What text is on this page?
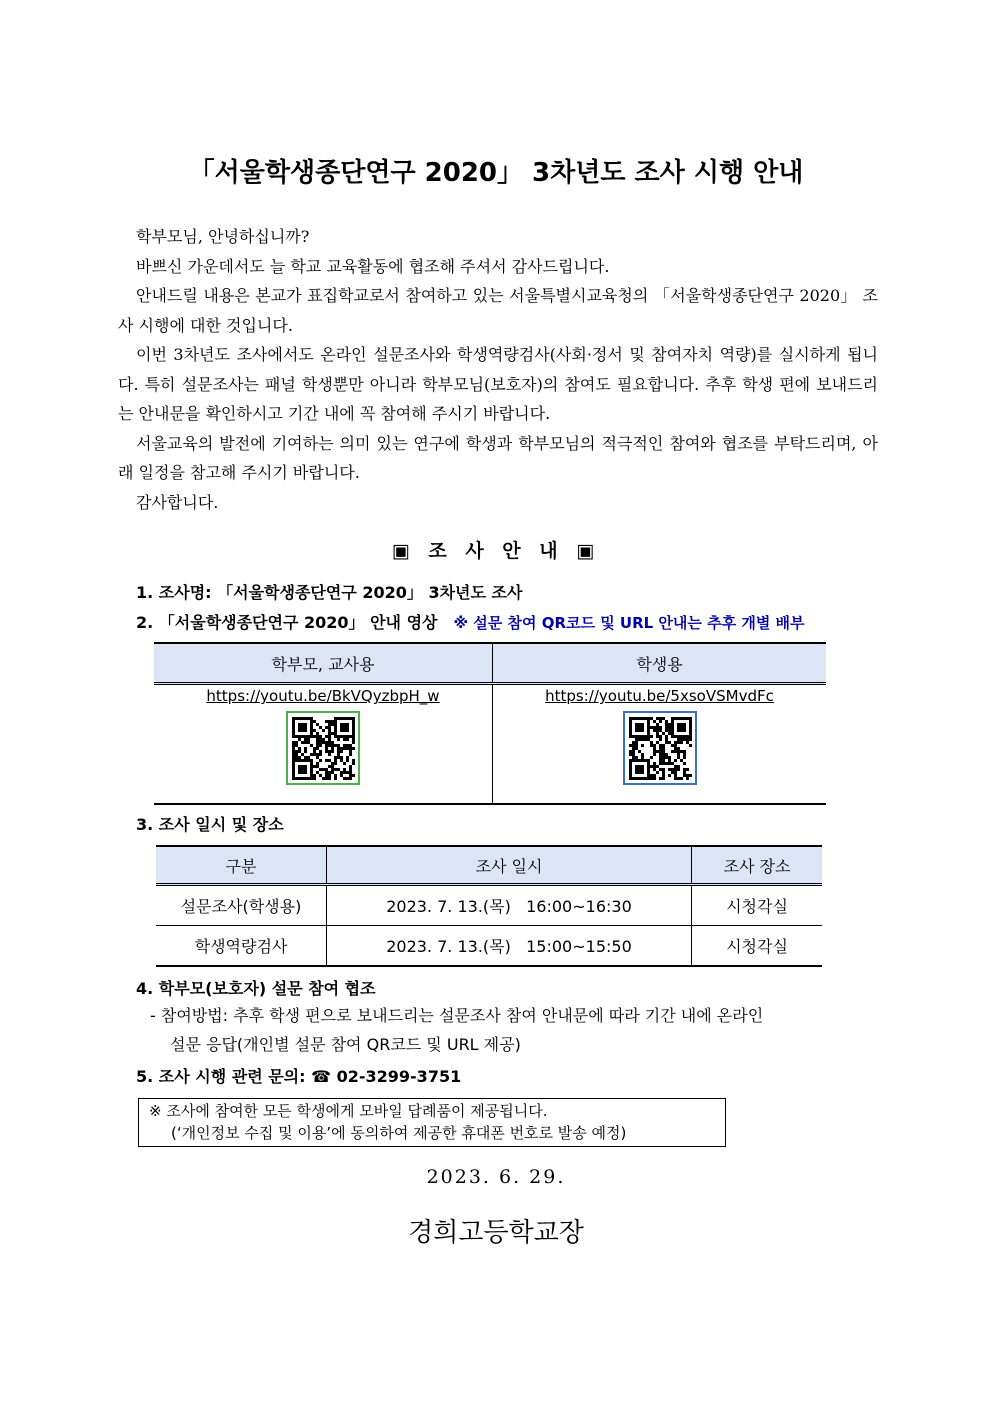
「서울학생종단연구 2020」 3차년도 조사 시행 안내

학부모님, 안녕하십니까?

바쁘신 가운데서도 늘 학교 교육활동에 협조해 주셔서 감사드립니다.

안내드릴 내용은 본교가 표집학교로서 참여하고 있는 서울특별시교육청의 「서울학생종단연구 2020」 조사 시행에 대한 것입니다.

이번 3차년도 조사에서도 온라인 설문조사와 학생역량검사(사회·정서 및 참여자치 역량)를 실시하게 됩니다. 특히 설문조사는 패널 학생뿐만 아니라 학부모님(보호자)의 참여도 필요합니다. 추후 학생 편에 보내드리는 안내문을 확인하시고 기간 내에 꼭 참여해 주시기 바랍니다.

서울교육의 발전에 기여하는 의미 있는 연구에 학생과 학부모님의 적극적인 참여와 협조를 부탁드리며, 아래 일정을 참고해 주시기 바랍니다.

감사합니다.

▣ 조 사 안 내 ▣
1. 조사명: 「서울학생종단연구 2020」 3차년도 조사
2. 「서울학생종단연구 2020」 안내 영상 ※ 설문 참여 QR코드 및 URL 안내는 추후 개별 배부
학부모, 교사용	학생용

https://youtu.be/BkVQyzbpH_w	https://youtu.be/5xsoVSMvdFc
3. 조사 일시 및 장소
구분	조사 일시	조사 장소
설문조사(학생용)	2023. 7. 13.(목)   16:00~16:30	시청각실
학생역량검사	2023. 7. 13.(목)   15:00~15:50	시청각실
4. 학부모(보호자) 설문 참여 협조
- 참여방법: 추후 학생 편으로 보내드리는 설문조사 참여 안내문에 따라 기간 내에 온라인
설문 응답(개인별 설문 참여 QR코드 및 URL 제공)
5. 조사 시행 관련 문의: ☎ 02-3299-3751
※ 조사에 참여한 모든 학생에게 모바일 답례품이 제공됩니다.
(‘개인정보 수집 및 이용’에 동의하여 제공한 휴대폰 번호로 발송 예정)
2023. 6. 29.
경희고등학교장
